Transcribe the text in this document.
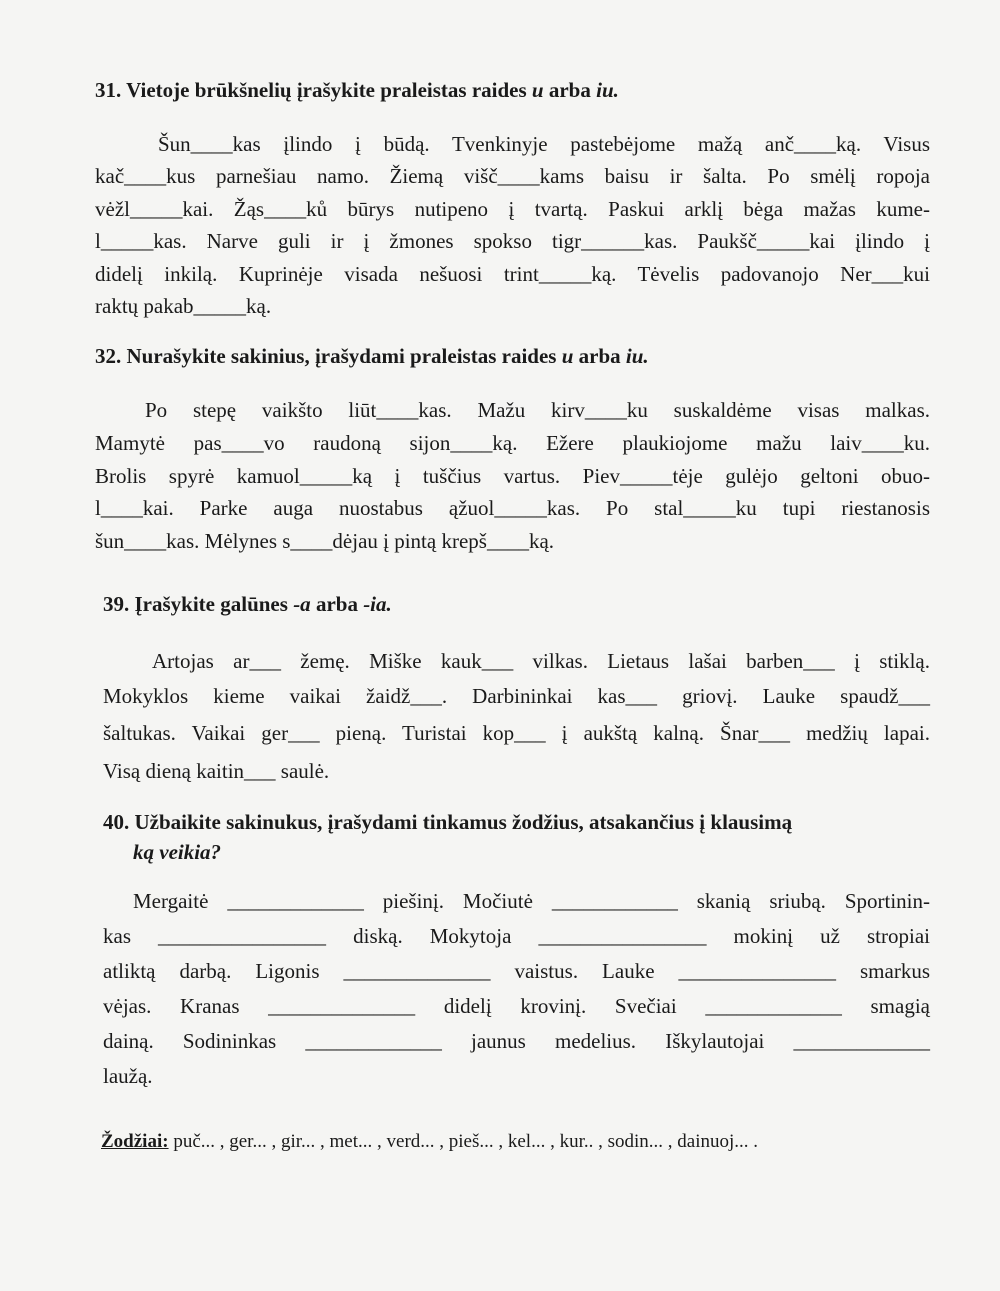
31. Vietoje brūkšnelių įrašykite praleistas raides u arba iu.
Šun____kas įlindo į būdą. Tvenkinyje pastebėjome mažą anč____ką. Visus
kač____kus parnešiau namo. Žiemą višč____kams baisu ir šalta. Po smėlį ropoja
vėžl_____kai. Žąs____ků būrys nutipeno į tvartą. Paskui arklį bėga mažas kume-
l_____kas. Narve guli ir į žmones spokso tigr______kas. Paukšč_____kai įlindo į
didelį inkilą. Kuprinėje visada nešuosi trint_____ką. Tėvelis padovanojo Ner___kui
raktų pakab_____ką.
32. Nurašykite sakinius, įrašydami praleistas raides u arba iu.
Po stepę vaikšto liūt____kas. Mažu kirv____ku suskaldėme visas malkas.
Mamytė pas____vo raudoną sijon____ką. Ežere plaukiojome mažu laiv____ku.
Brolis spyrė kamuol_____ką į tuščius vartus. Piev_____tėje gulėjo geltoni obuo-
l____kai. Parke auga nuostabus ąžuol_____kas. Po stal_____ku tupi riestanosis
šun____kas. Mėlynes s____dėjau į pintą krepš____ką.
39. Įrašykite galūnes -a arba -ia.
Artojas ar___ žemę. Miške kauk___ vilkas. Lietaus lašai barben___ į stiklą.
Mokyklos kieme vaikai žaidž___. Darbininkai kas___ griovį. Lauke spaudž___
šaltukas. Vaikai ger___ pieną. Turistai kop___ į aukštą kalną. Šnar___ medžių lapai.
Visą dieną kaitin___ saulė.
40. Užbaikite sakinukus, įrašydami tinkamus žodžius, atsakančius į klausimą
ką veikia?
Mergaitė _____________ piešinį. Močiutė ____________ skanią sriubą. Sportinin-
kas ________________ diską. Mokytoja ________________ mokinį už stropiai
atliktą darbą. Ligonis ______________ vaistus. Lauke _______________ smarkus
vėjas. Kranas ______________ didelį krovinį. Svečiai _____________ smagią
dainą. Sodininkas _____________ jaunus medelius. Iškylautojai _____________
laužą.
Žodžiai: puč... , ger... , gir... , met... , verd... , pieš... , kel... , kur.. , sodin... , dainuoj... .
